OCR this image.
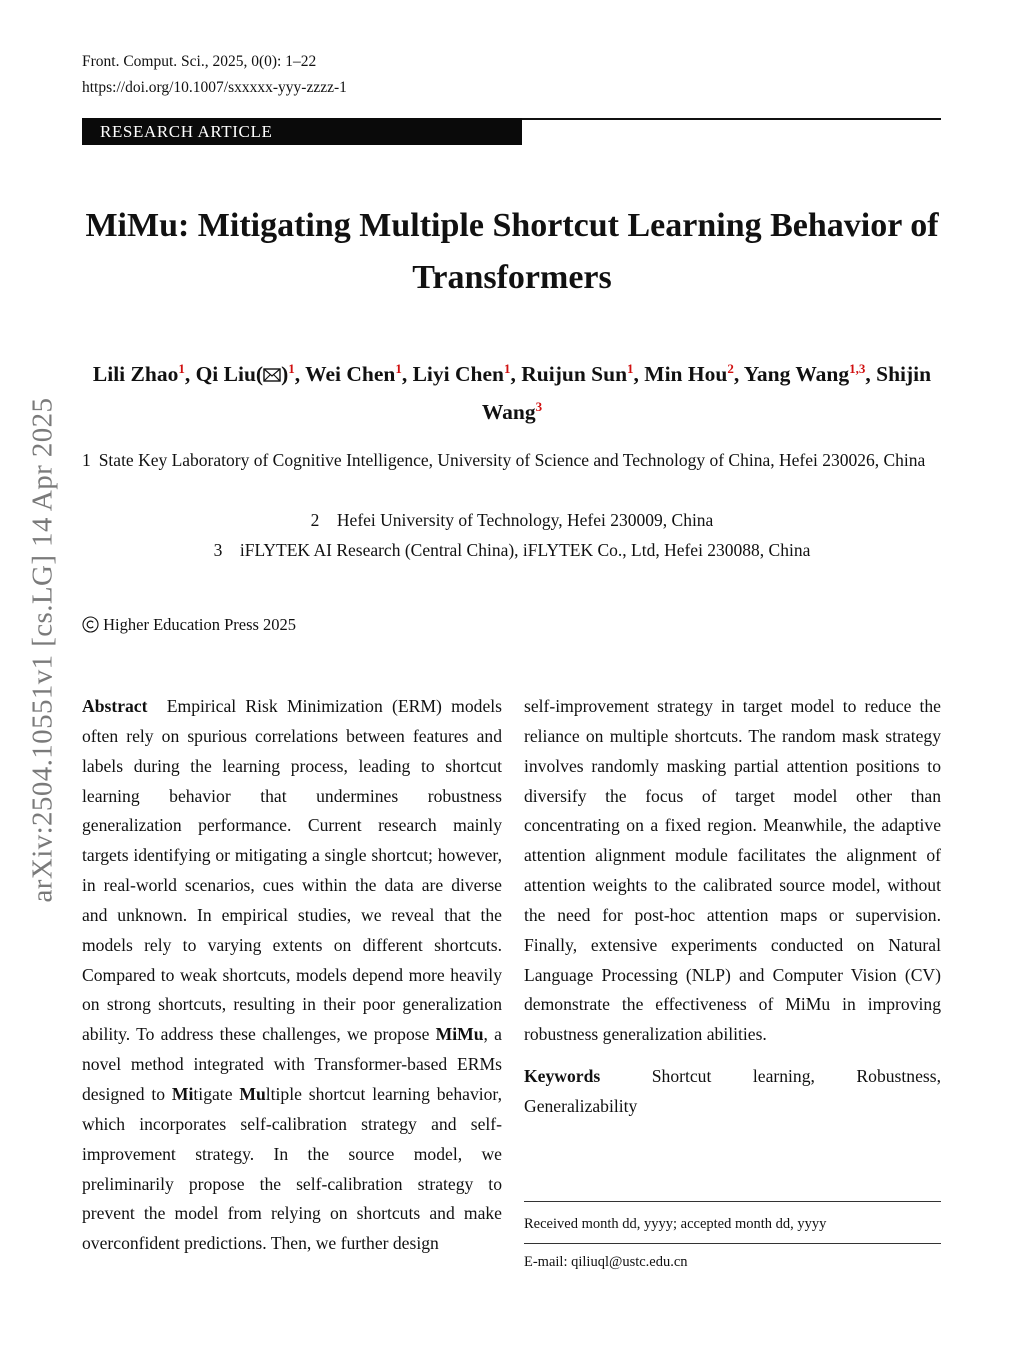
Front. Comput. Sci., 2025, 0(0): 1–22
https://doi.org/10.1007/sxxxxx-yyy-zzzz-1
RESEARCH ARTICLE
arXiv:2504.10551v1 [cs.LG] 14 Apr 2025
MiMu: Mitigating Multiple Shortcut Learning Behavior of Transformers
Lili Zhao$^1$, Qi Liu( )$^1$, Wei Chen$^1$, Liyi Chen$^1$, Ruijun Sun$^1$, Min Hou$^2$, Yang Wang$^{1,3}$, Shijin Wang$^3$
1 State Key Laboratory of Cognitive Intelligence, University of Science and Technology of China, Hefei 230026, China
2 Hefei University of Technology, Hefei 230009, China
3 iFLYTEK AI Research (Central China), iFLYTEK Co., Ltd, Hefei 230088, China
Higher Education Press 2025
Abstract Empirical Risk Minimization (ERM) models often rely on spurious correlations between features and labels during the learning process, leading to shortcut learning behavior that undermines robustness generalization performance. Current research mainly targets identifying or mitigating a single shortcut; however, in real-world scenarios, cues within the data are diverse and unknown. In empirical studies, we reveal that the models rely to varying extents on different shortcuts. Compared to weak shortcuts, models depend more heavily on strong shortcuts, resulting in their poor generalization ability. To address these challenges, we propose MiMu, a novel method integrated with Transformer-based ERMs designed to Mitigate Multiple shortcut learning behavior, which incorporates self-calibration strategy and self-improvement strategy. In the source model, we preliminarily propose the self-calibration strategy to prevent the model from relying on shortcuts and make overconfident predictions. Then, we further design
self-improvement strategy in target model to reduce the reliance on multiple shortcuts. The random mask strategy involves randomly masking partial attention positions to diversify the focus of target model other than concentrating on a fixed region. Meanwhile, the adaptive attention alignment module facilitates the alignment of attention weights to the calibrated source model, without the need for post-hoc attention maps or supervision. Finally, extensive experiments conducted on Natural Language Processing (NLP) and Computer Vision (CV) demonstrate the effectiveness of MiMu in improving robustness generalization abilities.
Keywords	Shortcut learning, Robustness, Generalizability
Received month dd, yyyy; accepted month dd, yyyy
E-mail: qiliuql@ustc.edu.cn
